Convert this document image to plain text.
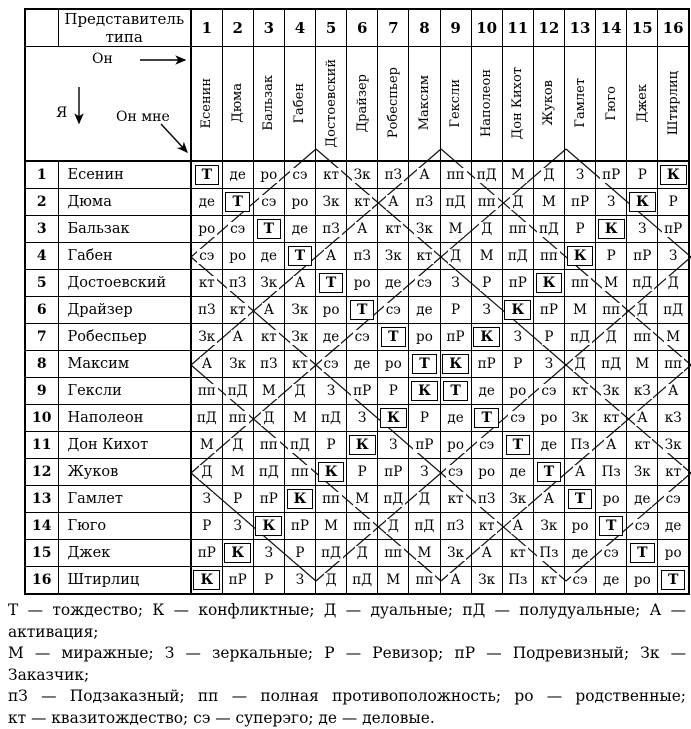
	Представитель типа	1	2	3	4	5	6	7	8	9	10	11	12	13	14	15	16

Он
Я Он мне		Есенин	Дюма	Бальзак	Габен	Достоевский	Драйзер	Робеспьер	Максим	Гексли	Наполеон	Дон Кихот	Жуков	Гамлет	Гюго	Джек	Штирлиц
1	Есенин	Т	де	ро	сэ	кт	Зк	пЗ	А	пп	пД	М	Д	З	пР	Р	К
2	Дюма	де	Т	сэ	ро	Зк	кт	А	пЗ	пД	пп	Д	М	пР	З	К	Р
3	Бальзак	ро	сэ	Т	де	пЗ	А	кт	Зк	М	Д	пп	пД	Р	К	З	пР
4	Габен	сэ	ро	де	Т	А	пЗ	Зк	кт	Д	М	пД	пп	К	Р	пР	З
5	Достоевский	кт	пЗ	Зк	А	Т	ро	де	сэ	З	Р	пР	К	пп	М	пД	Д
6	Драйзер	пЗ	кт	А	Зк	ро	Т	сэ	де	Р	З	К	пР	М	пп	Д	пД
7	Робеспьер	Зк	А	кт	Зк	де	сэ	Т	ро	пР	К	З	Р	пД	Д	пп	М
8	Максим	А	Зк	пЗ	кт	сэ	де	ро	Т	К	пР	Р	З	Д	пД	М	пп
9	Гексли	пп	пД	М	Д	З	пР	Р	К	Т	де	ро	сэ	кт	Зк	кЗ	А
10	Наполеон	пД	пп	Д	М	пД	З	К	Р	де	Т	сэ	ро	Зк	кт	А	кЗ
11	Дон Кихот	М	Д	пп	пД	Р	К	З	пР	ро	сэ	Т	де	Пз	А	кт	Зк
12	Жуков	Д	М	пД	пп	К	Р	пР	З	сэ	ро	де	Т	А	Пз	Зк	кт
13	Гамлет	З	Р	пР	К	пп	М	пД	Д	кт	пЗ	Зк	А	Т	ро	де	сэ
14	Гюго	Р	З	К	пР	М	пп	Д	пД	пЗ	кт	А	Зк	ро	Т	сэ	де
15	Джек	пР	К	З	Р	пД	Д	пп	М	Зк	А	кт	Пз	де	сэ	Т	ро
16	Штирлиц	К	пР	Р	З	Д	пД	М	пп	А	Зк	Пз	кт	сэ	де	ро	Т
Т — тождество; К — конфликтные; Д — дуальные; пД — полудуальные; А — активация;
М — миражные; З — зеркальные; Р — Ревизор; пР — Подревизный; Зк — Заказчик;
пЗ — Подзаказный; пп — полная противоположность; ро — родственные;
кт — квазитождество; сэ — суперэго; де — деловые.
